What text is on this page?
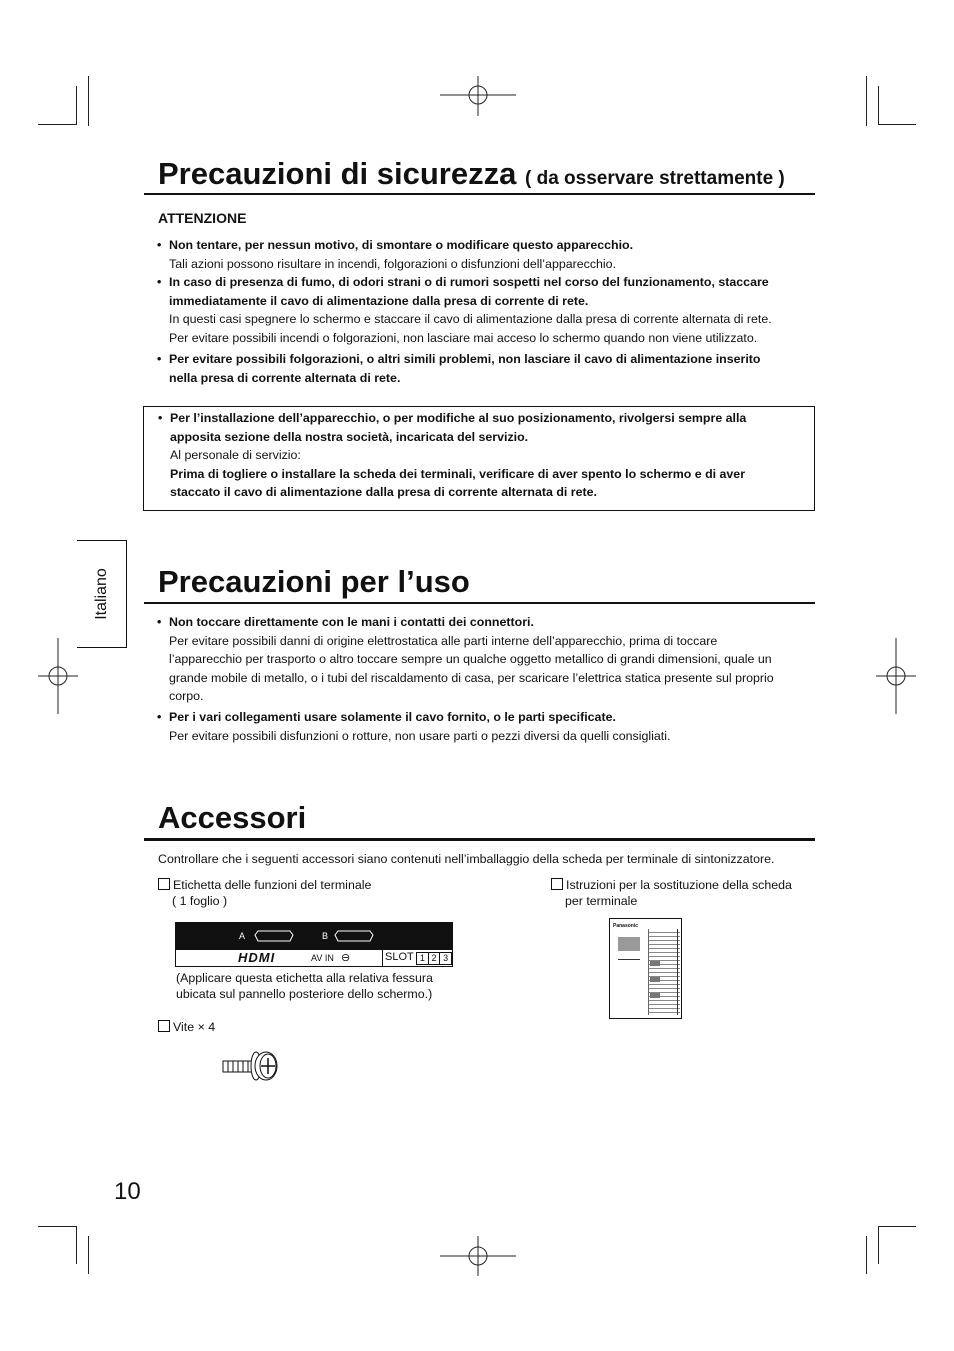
Precauzioni di sicurezza ( da osservare strettamente )
ATTENZIONE
• Non tentare, per nessun motivo, di smontare o modificare questo apparecchio.
Tali azioni possono risultare in incendi, folgorazioni o disfunzioni dell’apparecchio.
• In caso di presenza di fumo, di odori strani o di rumori sospetti nel corso del funzionamento, staccare
immediatamente il cavo di alimentazione dalla presa di corrente di rete.
In questi casi spegnere lo schermo e staccare il cavo di alimentazione dalla presa di corrente alternata di rete.
Per evitare possibili incendi o folgorazioni, non lasciare mai acceso lo schermo quando non viene utilizzato.
• Per evitare possibili folgorazioni, o altri simili problemi, non lasciare il cavo di alimentazione inserito
nella presa di corrente alternata di rete.
• Per l’installazione dell’apparecchio, o per modifiche al suo posizionamento, rivolgersi sempre alla
apposita sezione della nostra società, incaricata del servizio.
Al personale di servizio:
Prima di togliere o installare la scheda dei terminali, verificare di aver spento lo schermo e di aver
staccato il cavo di alimentazione dalla presa di corrente alternata di rete.
Italiano Precauzioni per l’uso
• Non toccare direttamente con le mani i contatti dei connettori.
Per evitare possibili danni di origine elettrostatica alle parti interne dell’apparecchio, prima di toccare
l’apparecchio per trasporto o altro toccare sempre un qualche oggetto metallico di grandi dimensioni, quale un
grande mobile di metallo, o i tubi del riscaldamento di casa, per scaricare l’elettrica statica presente sul proprio
corpo.
• Per i vari collegamenti usare solamente il cavo fornito, o le parti specificate.
Per evitare possibili disfunzioni o rotture, non usare parti o pezzi diversi da quelli consigliati.
Accessori
Controllare che i seguenti accessori siano contenuti nell’imballaggio della scheda per terminale di sintonizzatore.
Etichetta delle funzioni del terminale
( 1 foglio )
A	B
HDMI	AV IN ⊖	SLOT 1 2 3
(Applicare questa etichetta alla relativa fessura
ubicata sul pannello posteriore dello schermo.)
Istruzioni per la sostituzione della scheda
per terminale
Panasonic
Vite × 4
10
